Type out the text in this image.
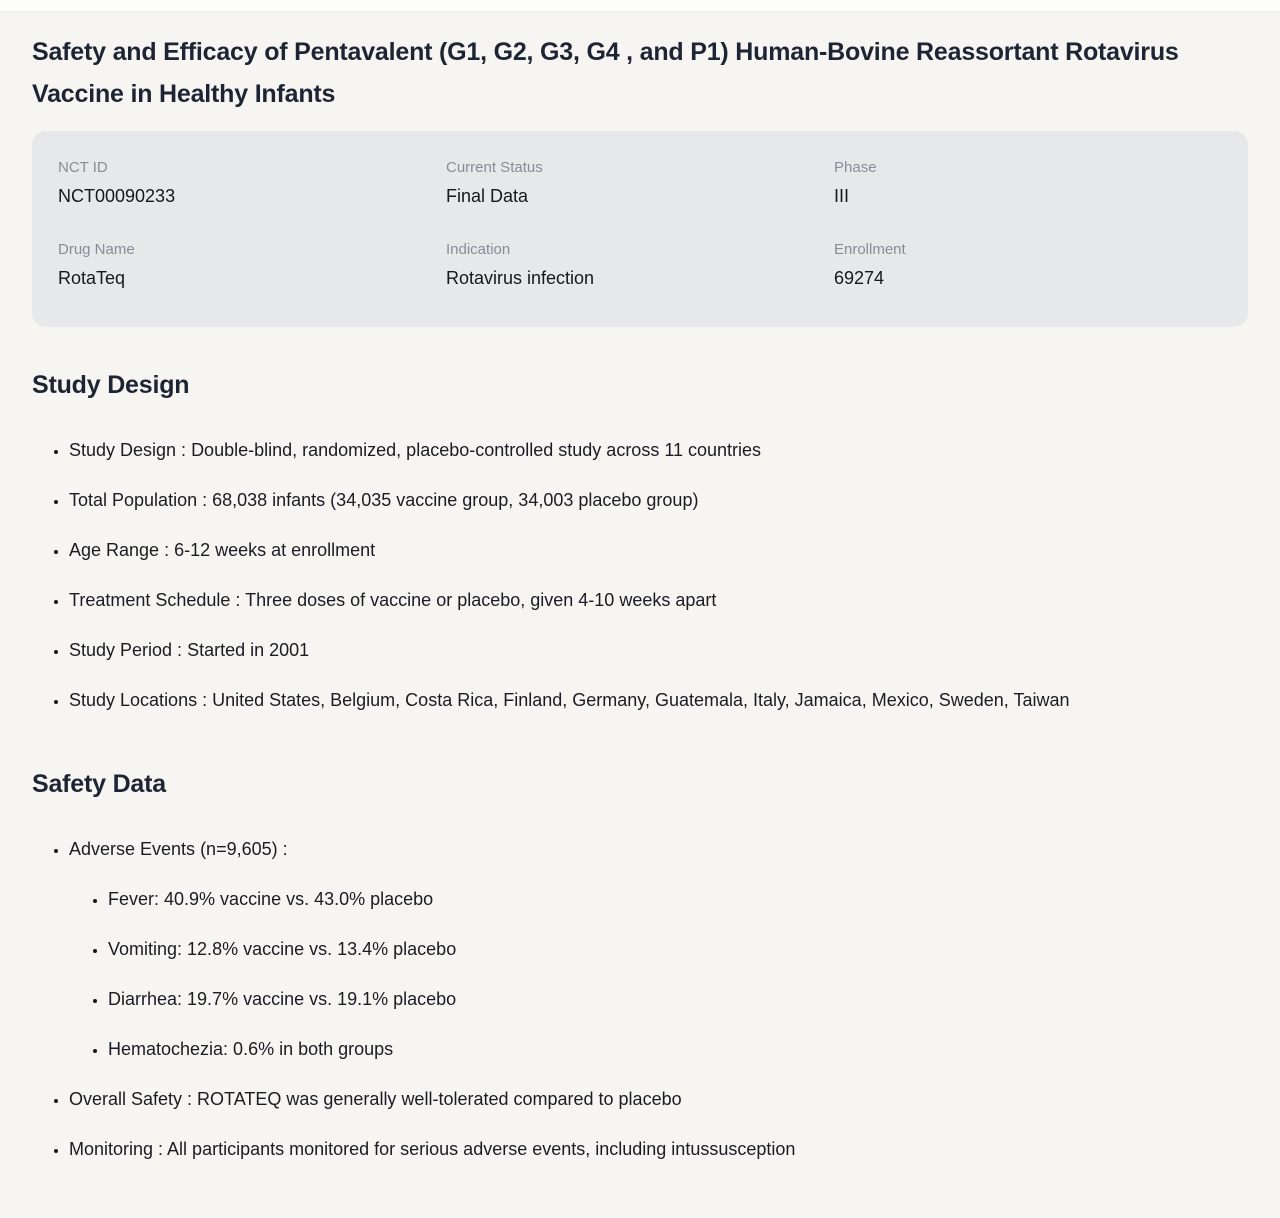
Safety and Efficacy of Pentavalent (G1, G2, G3, G4 , and P1) Human-Bovine Reassortant Rotavirus Vaccine in Healthy Infants
NCT ID
NCT00090233
Current Status
Final Data
Phase
III
Drug Name
RotaTeq
Indication
Rotavirus infection
Enrollment
69274
Study Design
• Study Design : Double-blind, randomized, placebo-controlled study across 11 countries
• Total Population : 68,038 infants (34,035 vaccine group, 34,003 placebo group)
• Age Range : 6-12 weeks at enrollment
• Treatment Schedule : Three doses of vaccine or placebo, given 4-10 weeks apart
• Study Period : Started in 2001
• Study Locations : United States, Belgium, Costa Rica, Finland, Germany, Guatemala, Italy, Jamaica, Mexico, Sweden, Taiwan
Safety Data
• Adverse Events (n=9,605) :
• Fever: 40.9% vaccine vs. 43.0% placebo
• Vomiting: 12.8% vaccine vs. 13.4% placebo
• Diarrhea: 19.7% vaccine vs. 19.1% placebo
• Hematochezia: 0.6% in both groups
• Overall Safety : ROTATEQ was generally well-tolerated compared to placebo
• Monitoring : All participants monitored for serious adverse events, including intussusception
